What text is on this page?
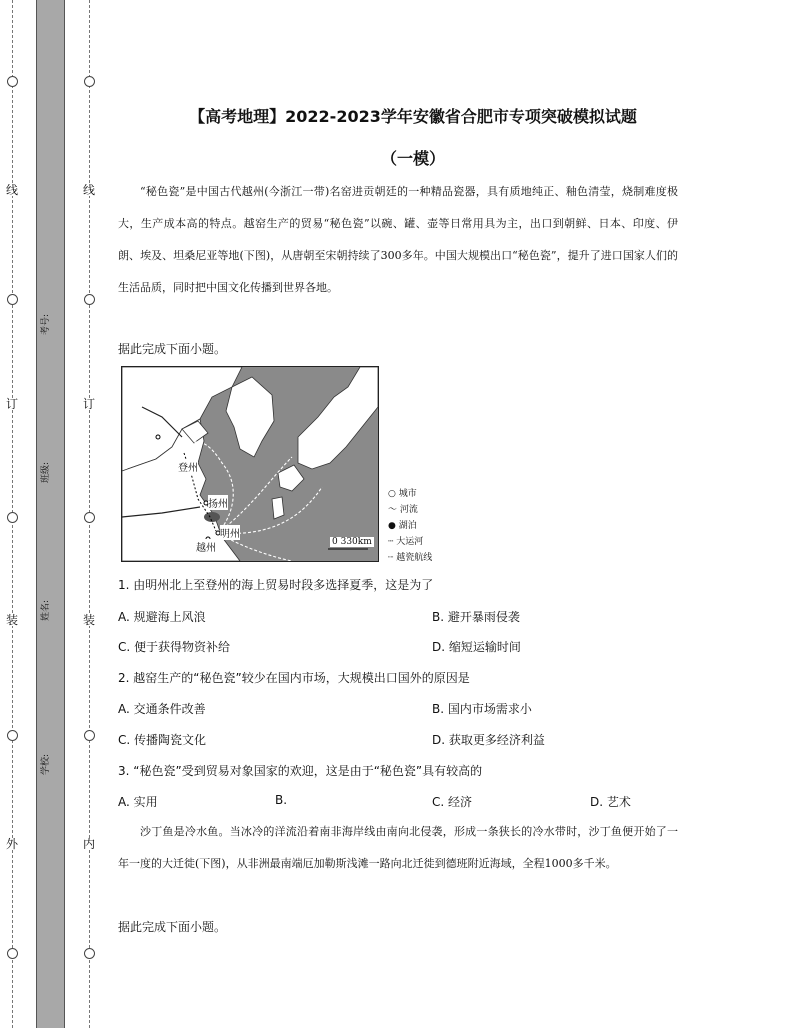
线
订
装
外
线
订
装
内
考号:
班级:
姓名:
学校:
【高考地理】2022-2023学年安徽省合肥市专项突破模拟试题
（一模）
“秘色瓷”是中国古代越州(今浙江一带)名窑进贡朝廷的一种精品瓷器，具有质地纯正、釉色清莹，烧制难度极大，生产成本高的特点。越窑生产的贸易“秘色瓷”以碗、罐、壶等日常用具为主，出口到朝鲜、日本、印度、伊朗、埃及、坦桑尼亚等地(下图)，从唐朝至宋朝持续了300多年。中国大规模出口“秘色瓷”，提升了进口国家人们的生活品质，同时把中国文化传播到世界各地。
据此完成下面小题。
登州
扬州
明州
越州
0 330km
○ 城市
〜 河流
● 湖泊
┄ 大运河
┈ 越瓷航线
1. 由明州北上至登州的海上贸易时段多选择夏季，这是为了
A. 规避海上风浪	B. 避开暴雨侵袭
C. 便于获得物资补给	D. 缩短运输时间
2. 越窑生产的“秘色瓷”较少在国内市场，大规模出口国外的原因是
A. 交通条件改善	B. 国内市场需求小
C. 传播陶瓷文化	D. 获取更多经济利益
3. “秘色瓷”受到贸易对象国家的欢迎，这是由于“秘色瓷”具有较高的
A. 实用	B.	C. 经济	D. 艺术
沙丁鱼是冷水鱼。当冰冷的洋流沿着南非海岸线由南向北侵袭，形成一条狭长的冷水带时，沙丁鱼便开始了一年一度的大迁徙(下图)，从非洲最南端厄加勒斯浅滩一路向北迁徙到德班附近海域，全程1000多千米。
据此完成下面小题。
